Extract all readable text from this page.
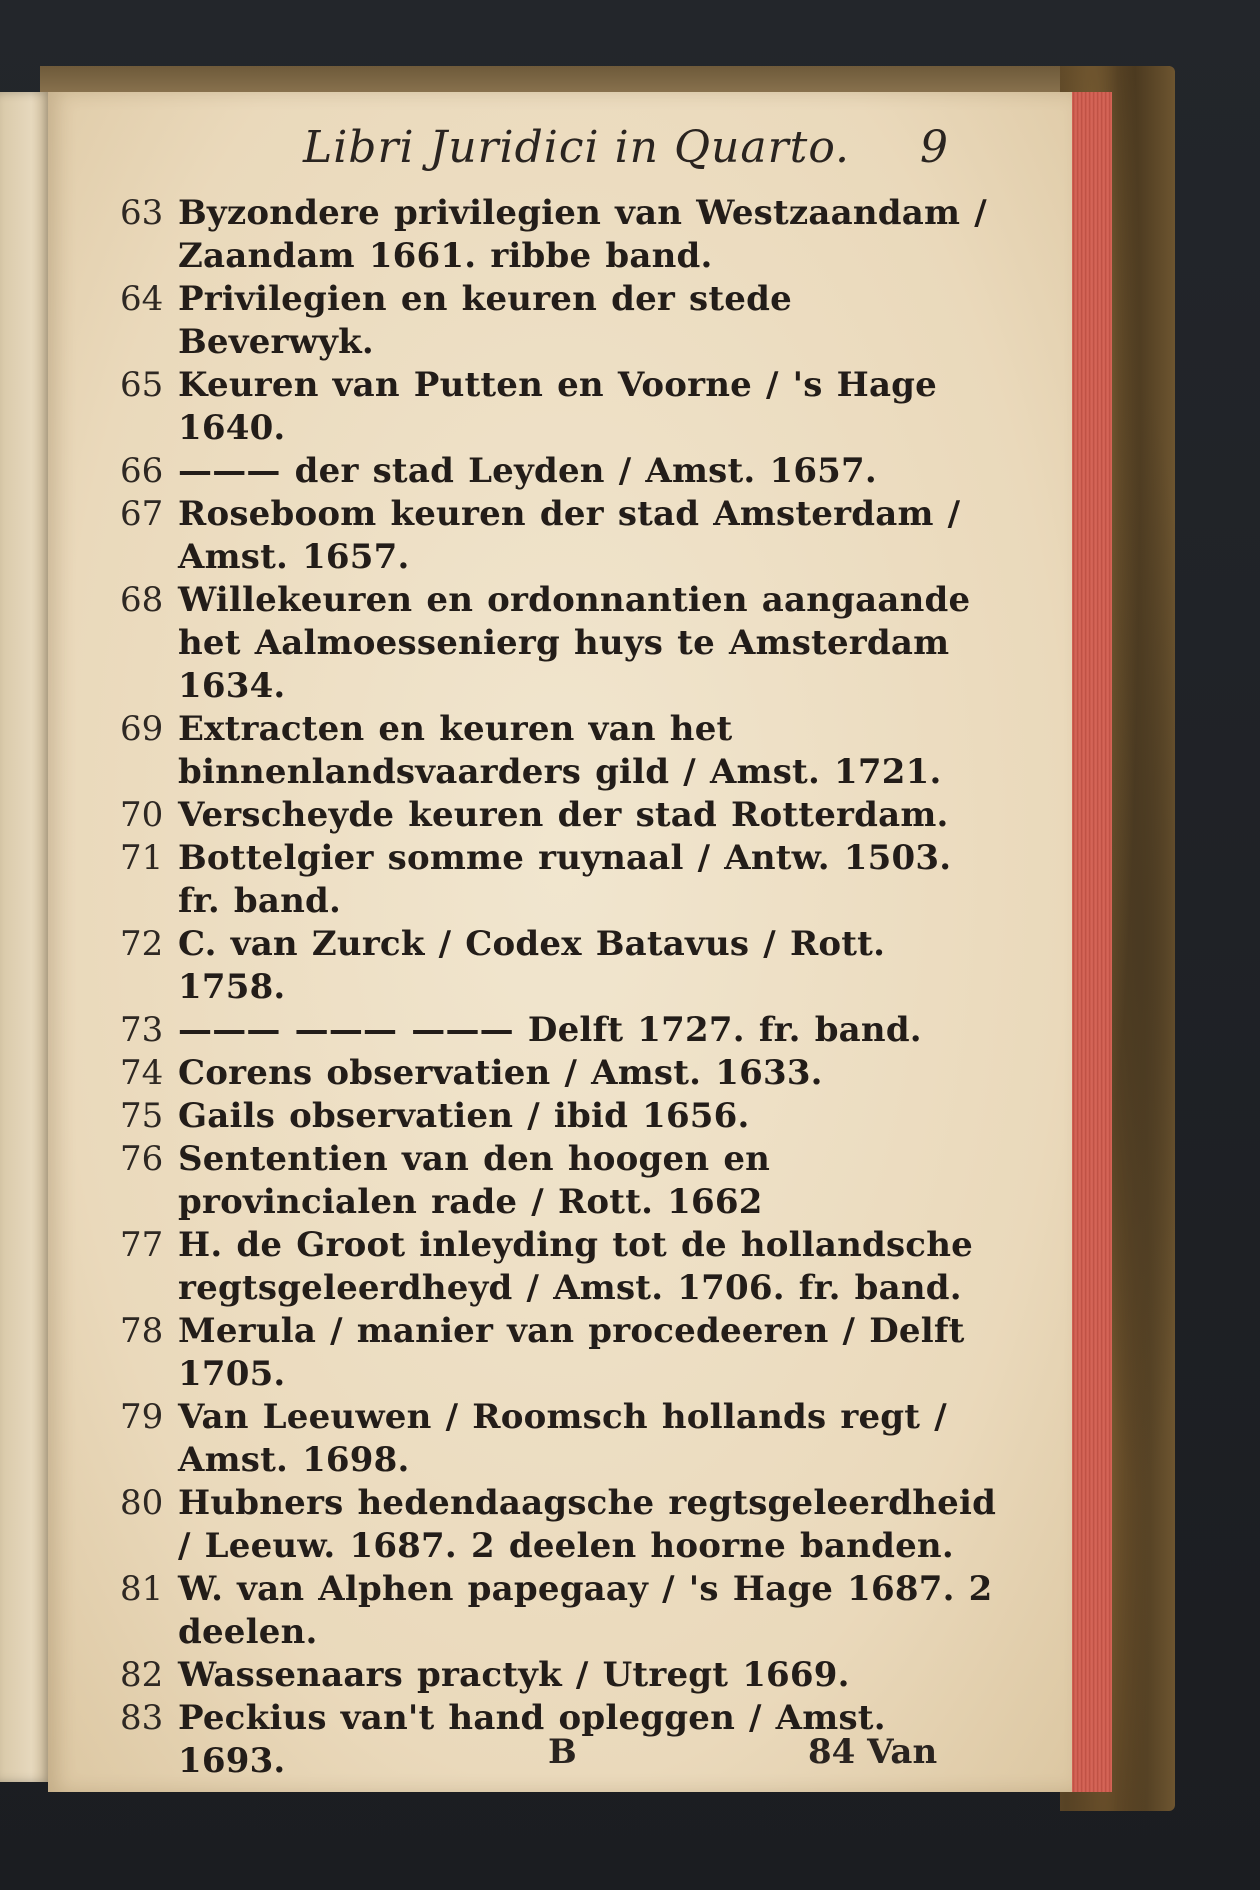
Libri Juridici in Quarto. 9
63 Byzondere privilegien van Westzaandam / Zaandam 1661. ribbe band.
64 Privilegien en keuren der stede Beverwyk.
65 Keuren van Putten en Voorne / 's Hage 1640.
66 ——— der stad Leyden / Amst. 1657.
67 Roseboom keuren der stad Amsterdam / Amst. 1657.
68 Willekeuren en ordonnantien aangaande het Aalmoessenierg huys te Amsterdam 1634.
69 Extracten en keuren van het binnenlandsvaarders gild / Amst. 1721.
70 Verscheyde keuren der stad Rotterdam.
71 Bottelgier somme ruynaal / Antw. 1503. fr. band.
72 C. van Zurck / Codex Batavus / Rott. 1758.
73 ——— ——— ——— Delft 1727. fr. band.
74 Corens observatien / Amst. 1633.
75 Gails observatien / ibid 1656.
76 Sententien van den hoogen en provincialen rade / Rott. 1662
77 H. de Groot inleyding tot de hollandsche regtsgeleerdheyd / Amst. 1706. fr. band.
78 Merula / manier van procedeeren / Delft 1705.
79 Van Leeuwen / Roomsch hollands regt / Amst. 1698.
80 Hubners hedendaagsche regtsgeleerdheid / Leeuw. 1687. 2 deelen hoorne banden.
81 W. van Alphen papegaay / 's Hage 1687. 2 deelen.
82 Wassenaars practyk / Utregt 1669.
83 Peckius van't hand opleggen / Amst. 1693.	B	84 Van
